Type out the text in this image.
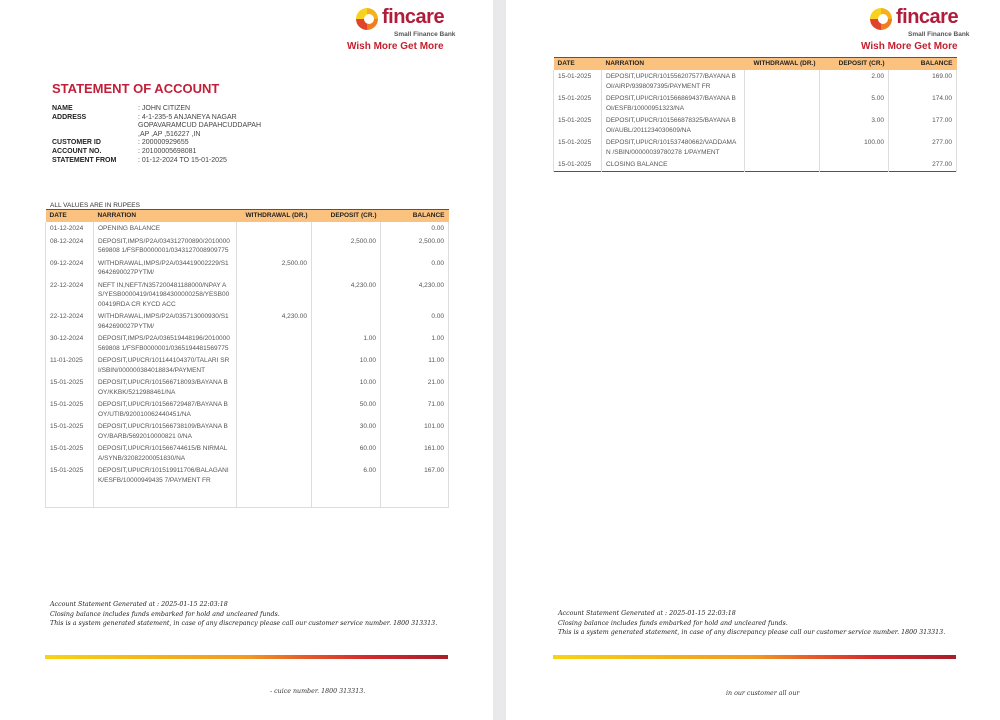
fincare
Small Finance Bank
Wish More Get More
STATEMENT OF ACCOUNT
NAME	: JOHN CITIZEN
ADDRESS	: 4-1-235-5 ANJANEYA NAGAR GOPAVARAMCUD DAPAHCUDDAPAH ,AP ,AP ,516227 ,IN
CUSTOMER ID	: 200000929655
ACCOUNT NO.	: 20100005698081
STATEMENT FROM	: 01-12-2024 TO 15-01-2025
ALL VALUES ARE IN RUPEES
DATE	NARRATION	WITHDRAWAL (DR.)	DEPOSIT (CR.)	BALANCE
01-12-2024	OPENING BALANCE			0.00
08-12-2024	DEPOSIT,IMPS/P2A/034312700890/2010000569808 1/FSFB0000001/0343127008909775		2,500.00	2,500.00
09-12-2024	WITHDRAWAL,IMPS/P2A/034419002229/S19642690027PYTM/	2,500.00		0.00
22-12-2024	NEFT IN,NEFT/N357200481188000/NPAY AS/YESB0000419/041984300000258/YESB0000419RDA CR KYCD ACC		4,230.00	4,230.00
22-12-2024	WITHDRAWAL,IMPS/P2A/035713000930/S19642690027PYTM/	4,230.00		0.00
30-12-2024	DEPOSIT,IMPS/P2A/036519448196/2010000569808 1/FSFB0000001/0365194481569775		1.00	1.00
11-01-2025	DEPOSIT,UPI/CR/101144104370/TALARI SRI/SBIN/000000384018834/PAYMENT		10.00	11.00
15-01-2025	DEPOSIT,UPI/CR/101566718093/BAYANA BOY/KKBK/5212988461/NA		10.00	21.00
15-01-2025	DEPOSIT,UPI/CR/101566729487/BAYANA BOY/UTIB/920010062440451/NA		50.00	71.00
15-01-2025	DEPOSIT,UPI/CR/101566738109/BAYANA BOY/BARB/5692010000821 0/NA		30.00	101.00
15-01-2025	DEPOSIT,UPI/CR/101566744615/B NIRMALA/SYNB/32082200051830/NA		60.00	161.00
15-01-2025	DEPOSIT,UPI/CR/101519911706/BALAGANI K/ESFB/10000949435 7/PAYMENT FR		6.00	167.00

Account Statement Generated at : 2025-01-15 22:03:18
Closing balance includes funds embarked for hold and uncleared funds.
This is a system generated statement, in case of any discrepancy please call our customer service number. 1800 313313.
- cuice number. 1800 313313.
fincare
Small Finance Bank
Wish More Get More
Account Statement Generated at : 2025-01-15 22:03:18
Closing balance includes funds embarked for hold and uncleared funds.
This is a system generated statement, in case of any discrepancy please call our customer service number. 1800 313313.
in our customer all our
DATE	NARRATION	WITHDRAWAL (DR.)	DEPOSIT (CR.)	BALANCE
15-01-2025	DEPOSIT,UPI/CR/101556207577/BAYANA BOI/AIRP/9398097395/PAYMENT FR		2.00	169.00
15-01-2025	DEPOSIT,UPI/CR/101566869437/BAYANA BOI/ESFB/10000951323/NA		5.00	174.00
15-01-2025	DEPOSIT,UPI/CR/101566878325/BAYANA BOI/AUBL/2011234030609/NA		3.00	177.00
15-01-2025	DEPOSIT,UPI/CR/101537480662/VADDAMAN /SBIN/00000039780278 1/PAYMENT		100.00	277.00
15-01-2025	CLOSING BALANCE			277.00
